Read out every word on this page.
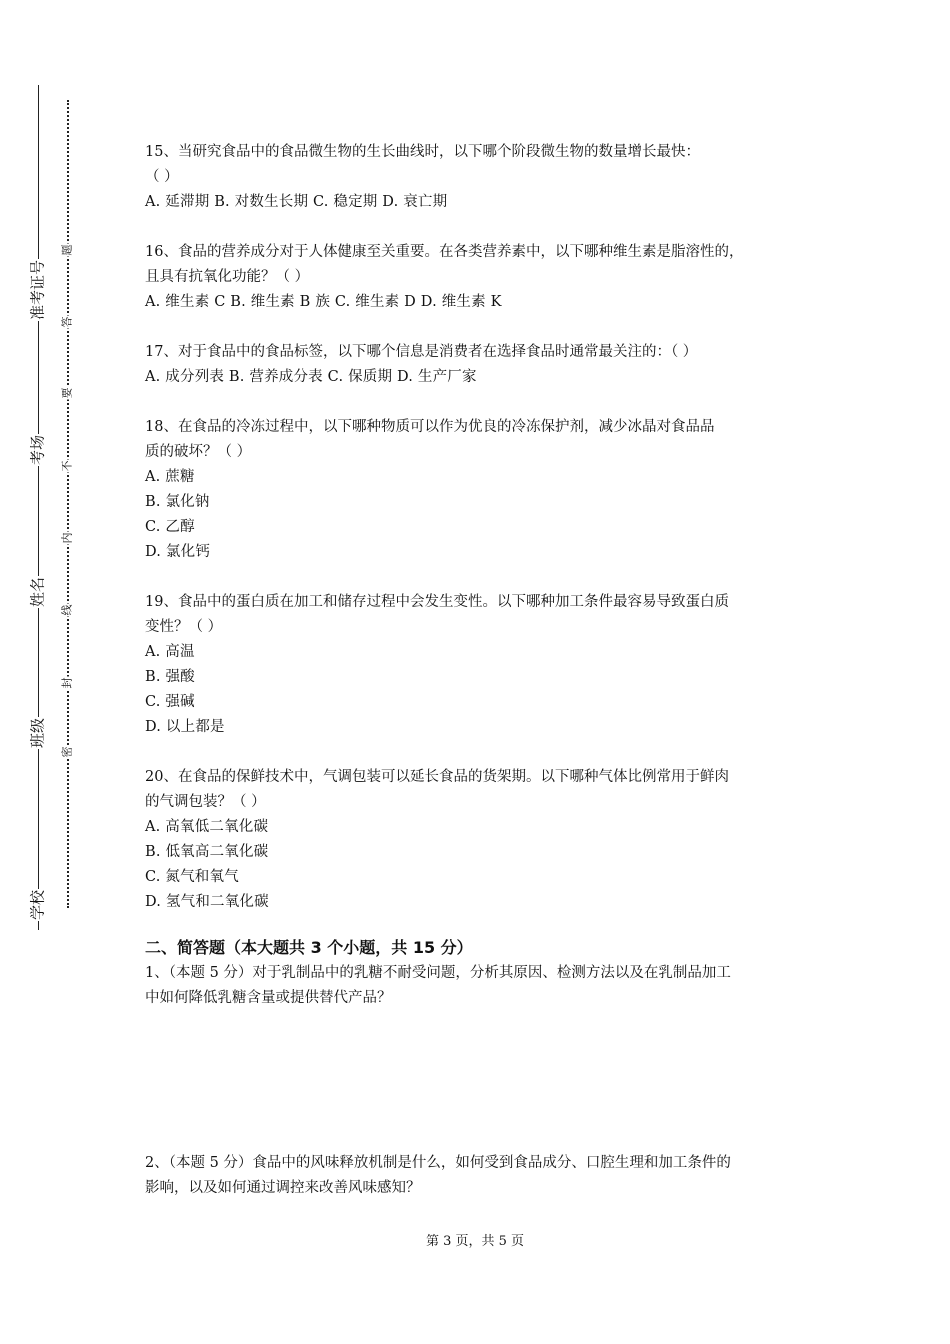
学校
班级
姓名
考场
准考证号
密
封
线
内
不
要
答
题

15、当研究食品中的食品微生物的生长曲线时，以下哪个阶段微生物的数量增长最快：

（ ）

A. 延滞期 B. 对数生长期 C. 稳定期 D. 衰亡期

16、食品的营养成分对于人体健康至关重要。在各类营养素中，以下哪种维生素是脂溶性的，

且具有抗氧化功能？（ ）

A. 维生素 C B. 维生素 B 族 C. 维生素 D D. 维生素 K

17、对于食品中的食品标签，以下哪个信息是消费者在选择食品时通常最关注的：（ ）

A. 成分列表 B. 营养成分表 C. 保质期 D. 生产厂家

18、在食品的冷冻过程中，以下哪种物质可以作为优良的冷冻保护剂，减少冰晶对食品品

质的破坏？（ ）

A. 蔗糖

B. 氯化钠

C. 乙醇

D. 氯化钙

19、食品中的蛋白质在加工和储存过程中会发生变性。以下哪种加工条件最容易导致蛋白质

变性？（ ）

A. 高温

B. 强酸

C. 强碱

D. 以上都是

20、在食品的保鲜技术中，气调包装可以延长食品的货架期。以下哪种气体比例常用于鲜肉

的气调包装？（ ）

A. 高氧低二氧化碳

B. 低氧高二氧化碳

C. 氮气和氧气

D. 氢气和二氧化碳

二、简答题（本大题共 3 个小题，共 15 分）

1、（本题 5 分）对于乳制品中的乳糖不耐受问题，分析其原因、检测方法以及在乳制品加工

中如何降低乳糖含量或提供替代产品？

2、（本题 5 分）食品中的风味释放机制是什么，如何受到食品成分、口腔生理和加工条件的

影响，以及如何通过调控来改善风味感知？

第 3 页，共 5 页
